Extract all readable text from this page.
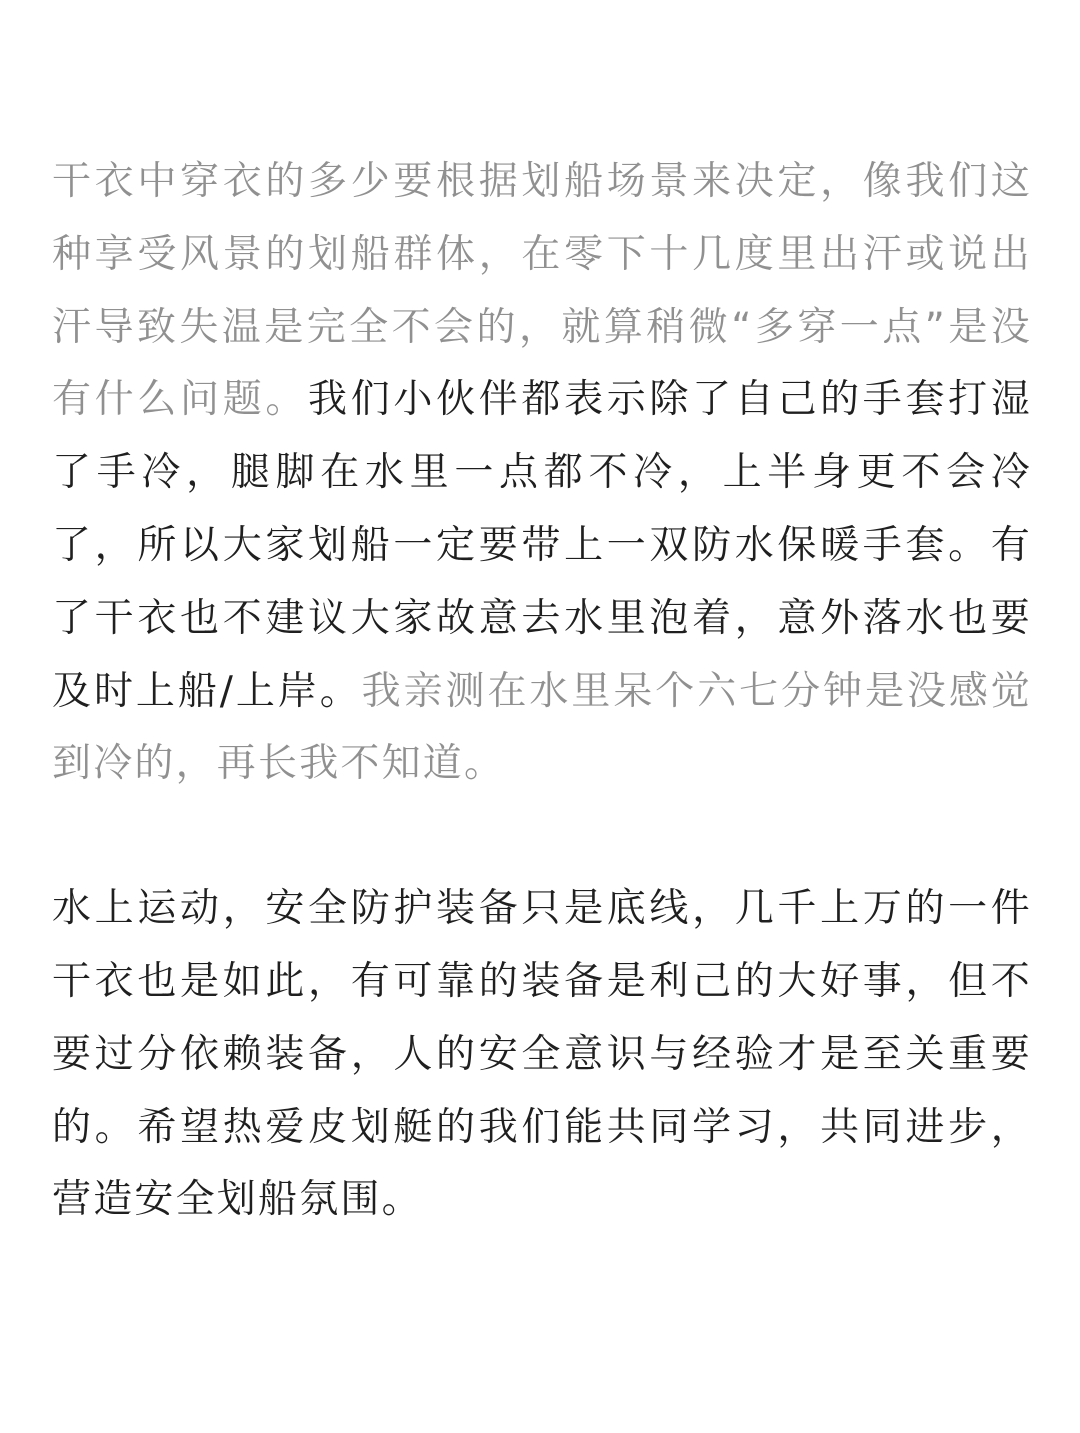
干衣中穿衣的多少要根据划船场景来决定，像我们这种享受风景的划船群体，在零下十几度里出汗或说出汗导致失温是完全不会的，就算稍微“多穿一点”是没有什么问题。我们小伙伴都表示除了自己的手套打湿了手冷，腿脚在水里一点都不冷，上半身更不会冷了，所以大家划船一定要带上一双防水保暖手套。有了干衣也不建议大家故意去水里泡着，意外落水也要及时上船/上岸。我亲测在水里呆个六七分钟是没感觉到冷的，再长我不知道。

水上运动，安全防护装备只是底线，几千上万的一件干衣也是如此，有可靠的装备是利己的大好事，但不要过分依赖装备，人的安全意识与经验才是至关重要的。希望热爱皮划艇的我们能共同学习，共同进步，营造安全划船氛围。
